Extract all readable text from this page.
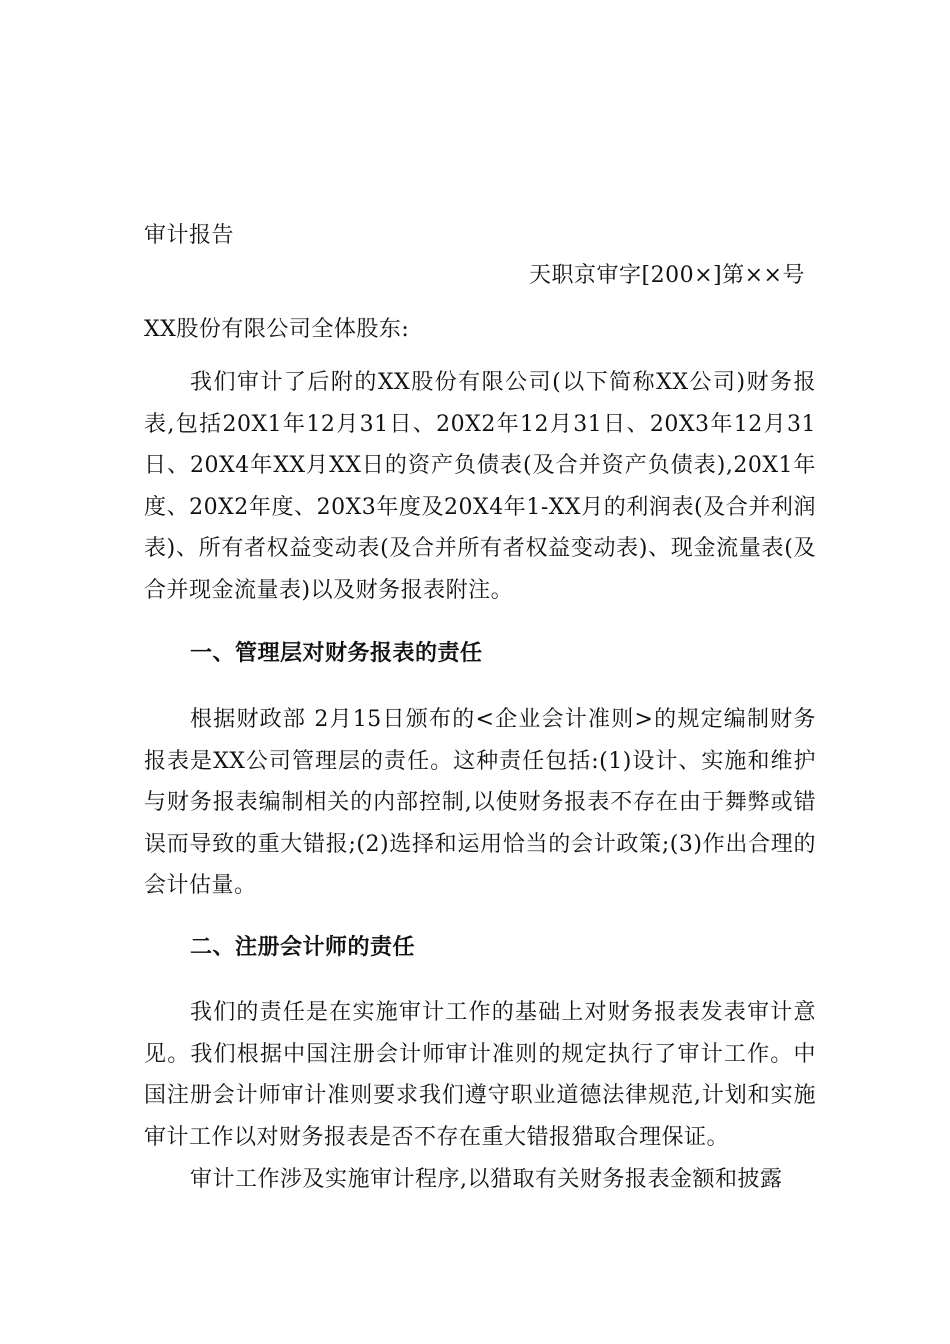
审计报告
天职京审字[200×]第××号
XX股份有限公司全体股东:
我们审计了后附的XX股份有限公司(以下简称XX公司)财务报表,包括20X1年12月31日、20X2年12月31日、20X3年12月31日、20X4年XX月XX日的资产负债表(及合并资产负债表),20X1年度、20X2年度、20X3年度及20X4年1-XX月的利润表(及合并利润表)、所有者权益变动表(及合并所有者权益变动表)、现金流量表(及合并现金流量表)以及财务报表附注。
一、管理层对财务报表的责任
根据财政部 2月15日颁布的<企业会计准则>的规定编制财务报表是XX公司管理层的责任。这种责任包括:(1)设计、实施和维护与财务报表编制相关的内部控制,以使财务报表不存在由于舞弊或错误而导致的重大错报;(2)选择和运用恰当的会计政策;(3)作出合理的会计估量。
二、注册会计师的责任
我们的责任是在实施审计工作的基础上对财务报表发表审计意见。我们根据中国注册会计师审计准则的规定执行了审计工作。中国注册会计师审计准则要求我们遵守职业道德法律规范,计划和实施审计工作以对财务报表是否不存在重大错报猎取合理保证。
审计工作涉及实施审计程序,以猎取有关财务报表金额和披露
